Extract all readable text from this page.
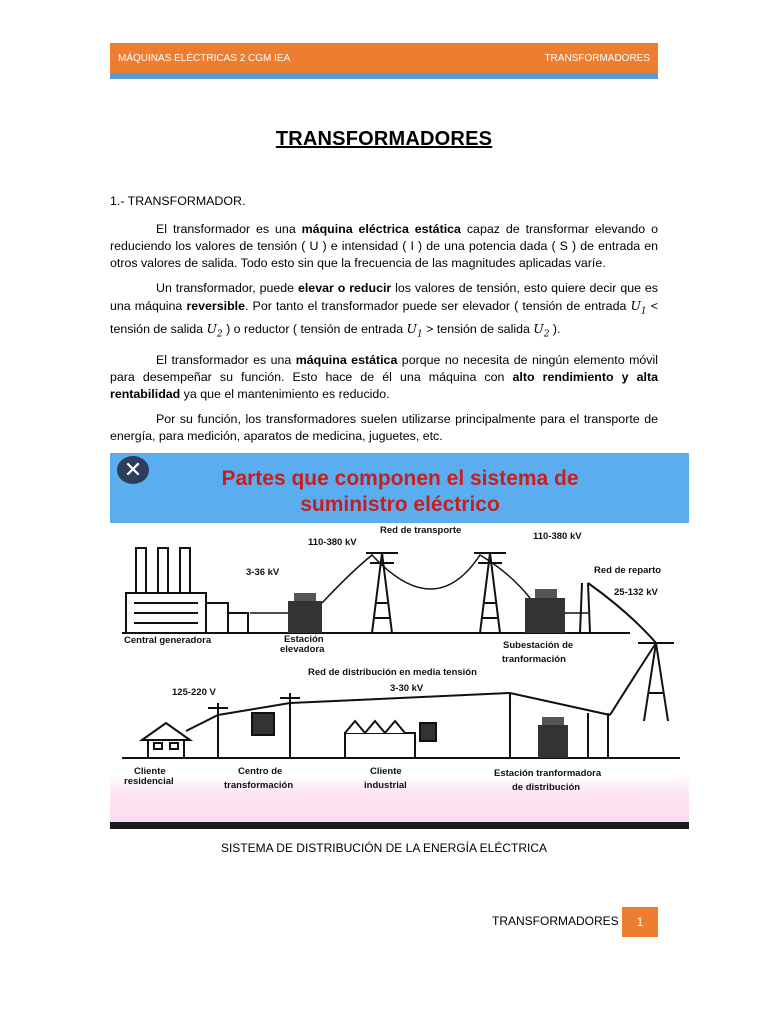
MÁQUINAS ELÉCTRICAS 2 CGM IEA	TRANSFORMADORES
TRANSFORMADORES

1.- TRANSFORMADOR.

El transformador es una máquina eléctrica estática capaz de transformar elevando o reduciendo los valores de tensión ( U ) e intensidad ( I ) de una potencia dada ( S ) de entrada en otros valores de salida. Todo esto sin que la frecuencia de las magnitudes aplicadas varíe.

Un transformador, puede elevar o reducir los valores de tensión, esto quiere decir que es una máquina reversible. Por tanto el transformador puede ser elevador ( tensión de entrada $U_1$ < tensión de salida $U_2$ ) o reductor ( tensión de entrada $U_1$ > tensión de salida $U_2$ ).

El transformador es una máquina estática porque no necesita de ningún elemento móvil para desempeñar su función. Esto hace de él una máquina con alto rendimiento y alta rentabilidad ya que el mantenimiento es reducido.

Por su función, los transformadores suelen utilizarse principalmente para el transporte de energía, para medición, aparatos de medicina, juguetes, etc.

✕	Partes que componen el sistema de
suministro eléctrico
Red de transporte
110-380 kV
110-380 kV
3-36 kV	Red de reparto
25-132 kV
Central generadora	Estación
elevadora	Subestación de
tranformación
Red de distribución en media tensión
3-30 kV
125-220 V
Cliente
residencial
Centro de
transformación
Cliente
industrial
Estación tranformadora
de distribución
SISTEMA DE DISTRIBUCIÓN DE LA ENERGÍA ELÉCTRICA
TRANSFORMADORES	1
